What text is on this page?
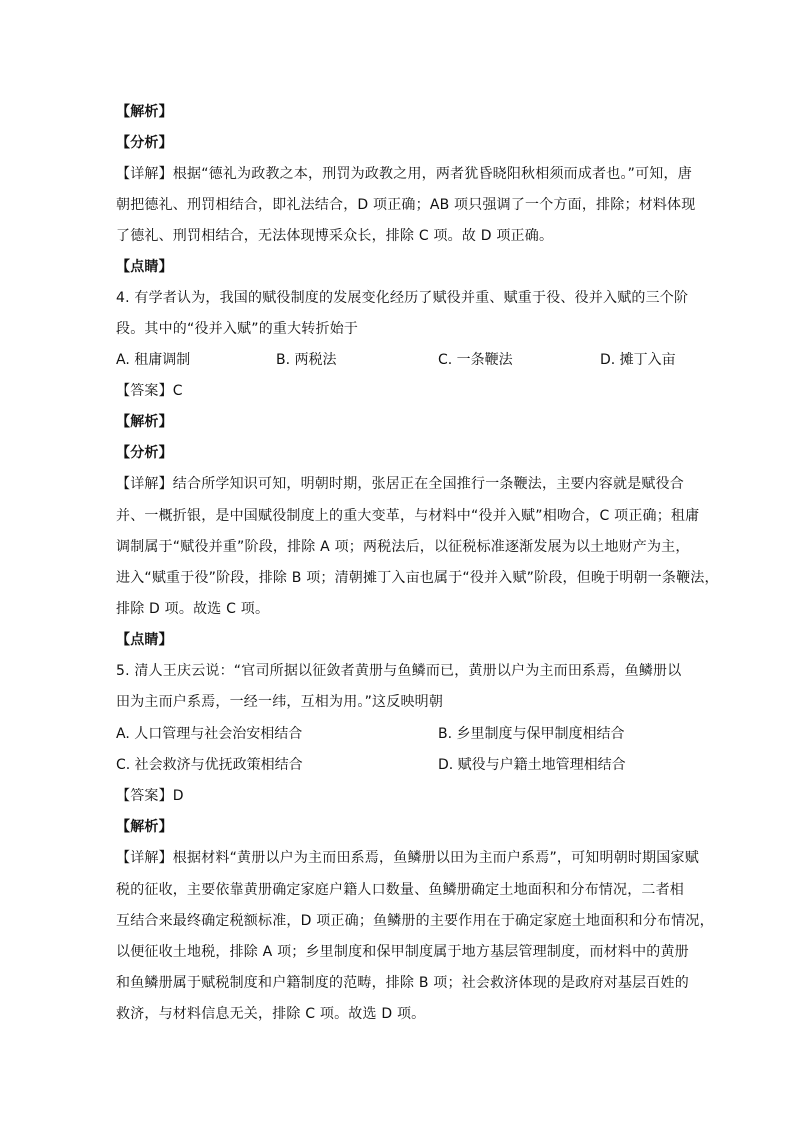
【解析】
【分析】
【详解】根据“德礼为政教之本，刑罚为政教之用，两者犹昏晓阳秋相须而成者也。”可知，唐
朝把德礼、刑罚相结合，即礼法结合，D 项正确；AB 项只强调了一个方面，排除；材料体现
了德礼、刑罚相结合，无法体现博采众长，排除 C 项。故 D 项正确。
【点睛】
4. 有学者认为，我国的赋役制度的发展变化经历了赋役并重、赋重于役、役并入赋的三个阶
段。其中的“役并入赋”的重大转折始于
A. 租庸调制	B. 两税法	C. 一条鞭法	D. 摊丁入亩
【答案】C
【解析】
【分析】
【详解】结合所学知识可知，明朝时期，张居正在全国推行一条鞭法，主要内容就是赋役合
并、一概折银，是中国赋役制度上的重大变革，与材料中“役并入赋”相吻合，C 项正确；租庸
调制属于“赋役并重”阶段，排除 A 项；两税法后，以征税标准逐渐发展为以土地财产为主，
进入“赋重于役”阶段，排除 B 项；清朝摊丁入亩也属于“役并入赋”阶段，但晚于明朝一条鞭法，
排除 D 项。故选 C 项。
【点睛】
5. 清人王庆云说：“官司所据以征敛者黄册与鱼鳞而已，黄册以户为主而田系焉，鱼鳞册以
田为主而户系焉，一经一纬，互相为用。”这反映明朝
A. 人口管理与社会治安相结合	B. 乡里制度与保甲制度相结合
C. 社会救济与优抚政策相结合	D. 赋役与户籍土地管理相结合
【答案】D
【解析】
【详解】根据材料“黄册以户为主而田系焉，鱼鳞册以田为主而户系焉”，可知明朝时期国家赋
税的征收，主要依靠黄册确定家庭户籍人口数量、鱼鳞册确定土地面积和分布情况，二者相
互结合来最终确定税额标准，D 项正确；鱼鳞册的主要作用在于确定家庭土地面积和分布情况，
以便征收土地税，排除 A 项；乡里制度和保甲制度属于地方基层管理制度，而材料中的黄册
和鱼鳞册属于赋税制度和户籍制度的范畴，排除 B 项；社会救济体现的是政府对基层百姓的
救济，与材料信息无关，排除 C 项。故选 D 项。
